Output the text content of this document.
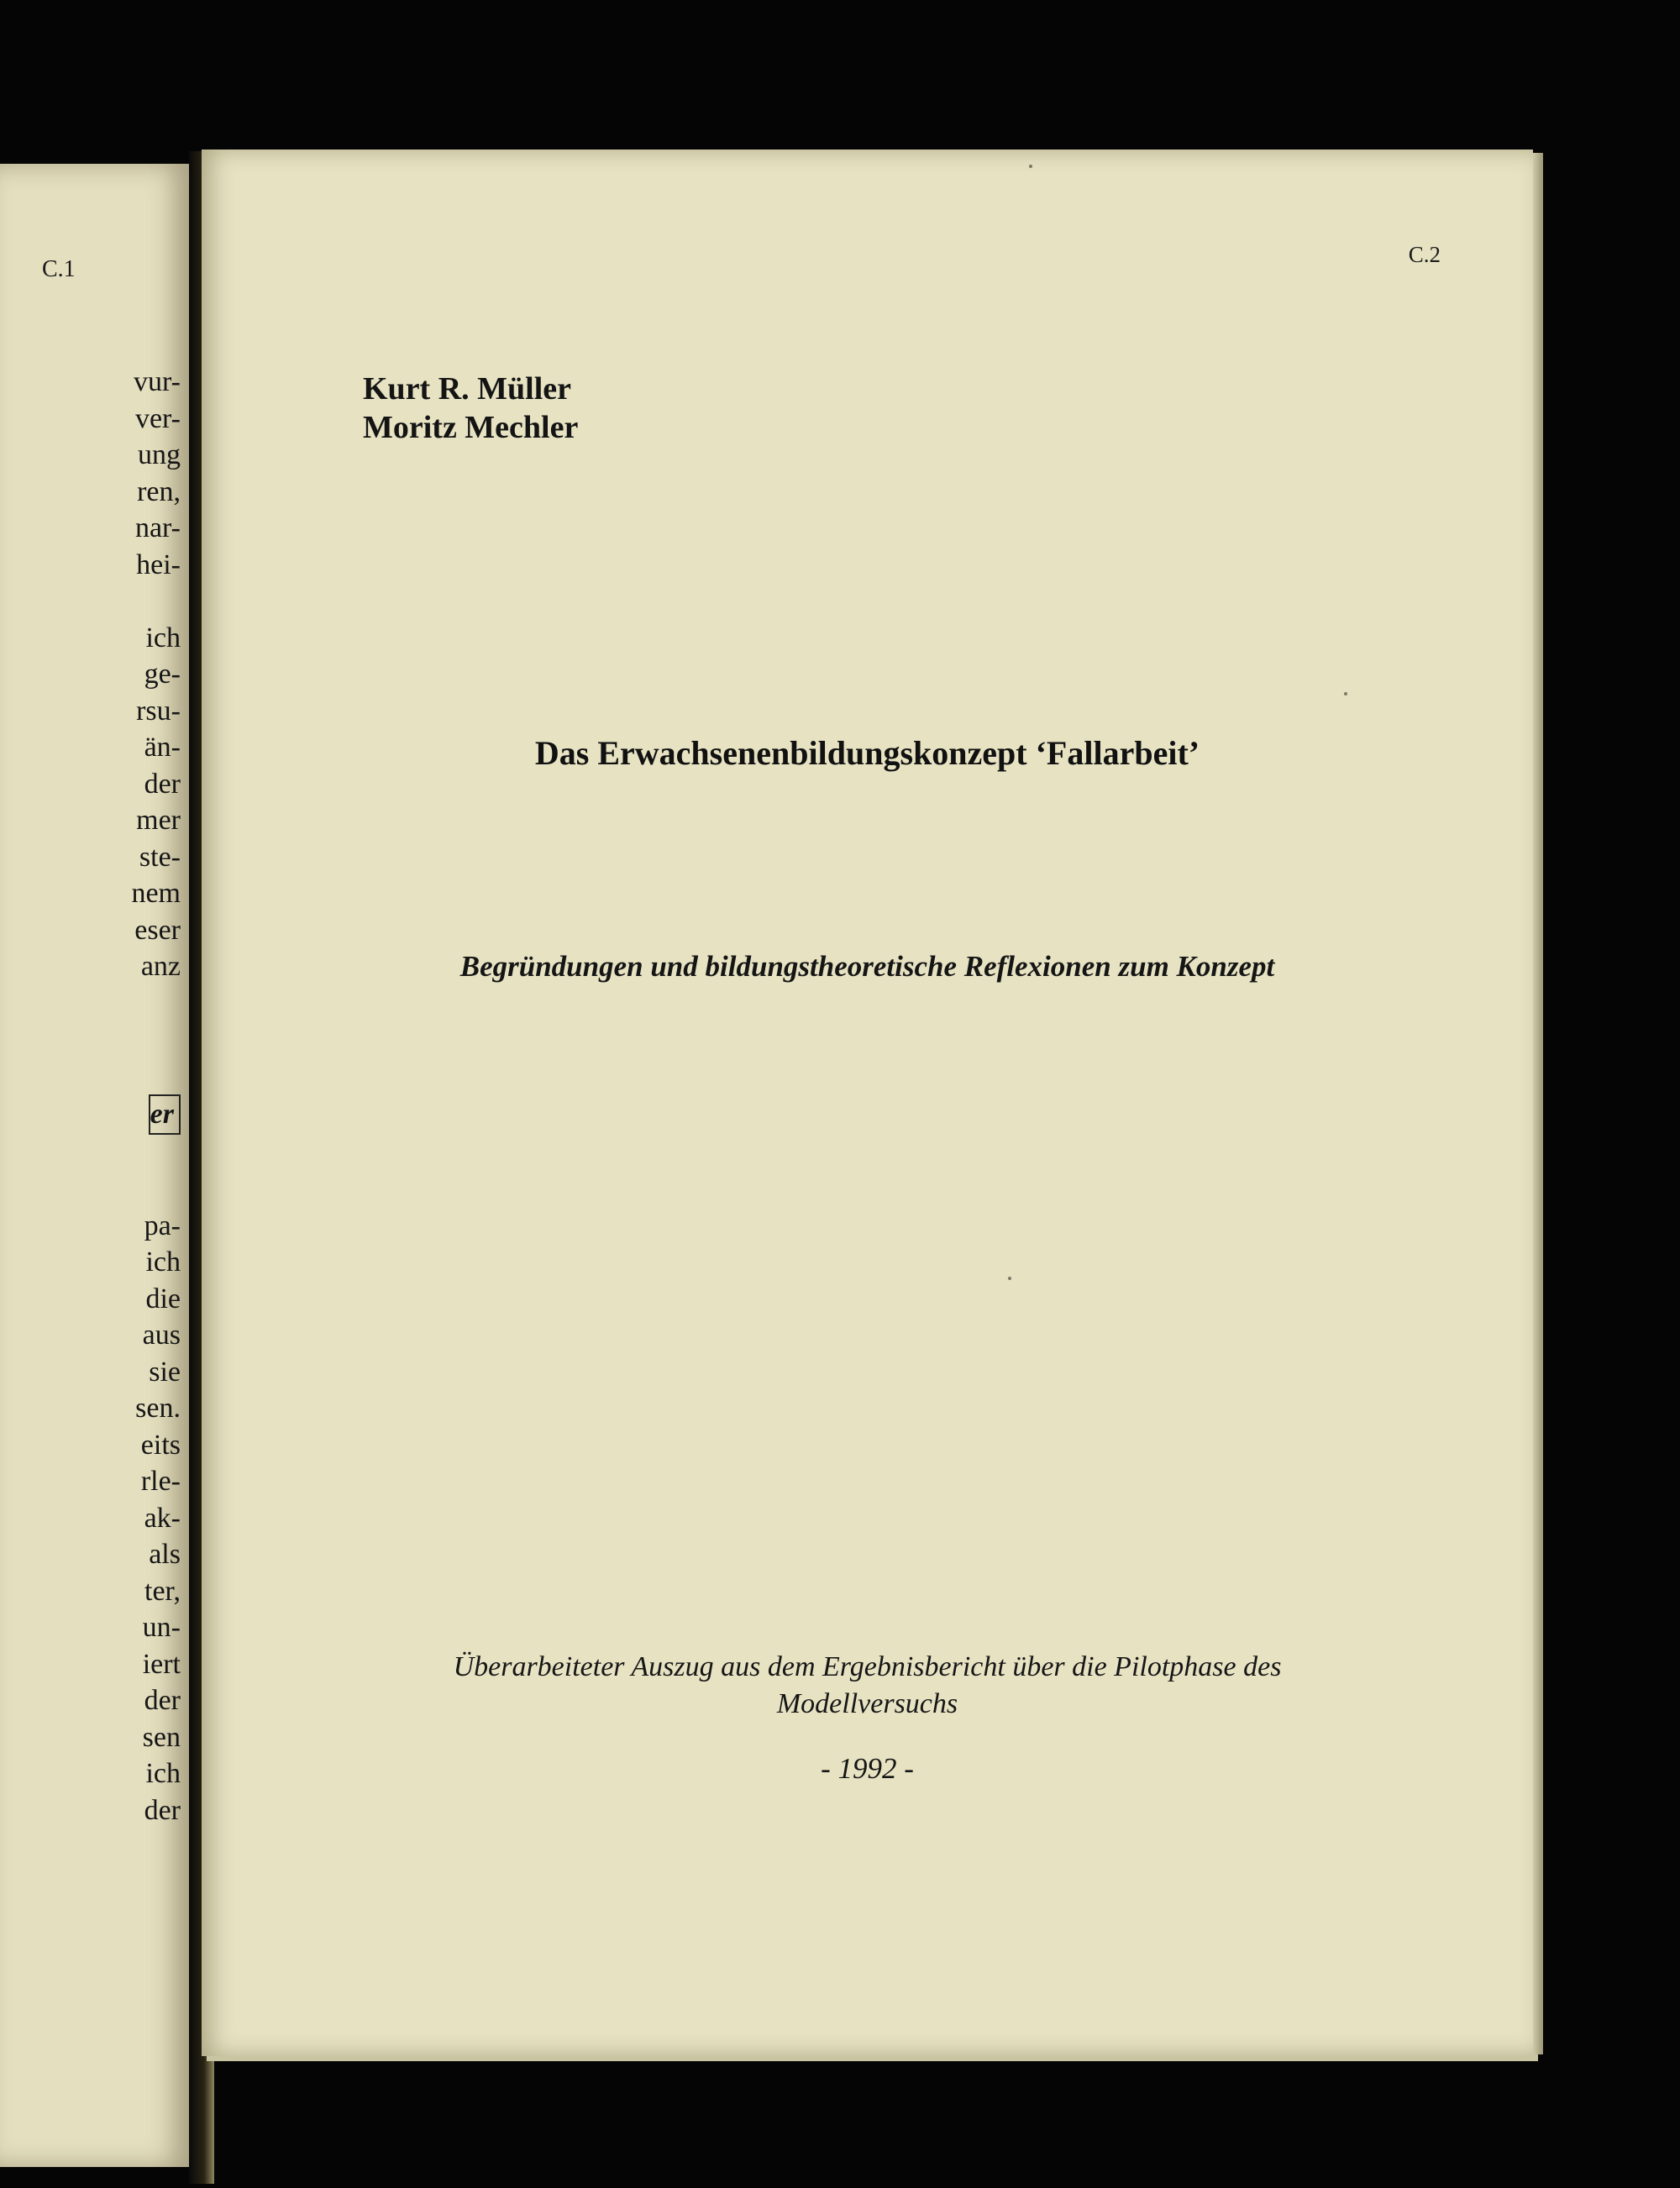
C.1
vur-
ver-
ung
ren,
nar-
hei-
ich
ge-
rsu-
än-
der
mer
ste-
nem
eser
anz
er
pa-
ich
die
aus
sie
sen.
eits
rle-
ak-
als
ter,
un-
iert
der
sen
ich
der
C.2
Kurt R. Müller
Moritz Mechler
Das Erwachsenenbildungskonzept ‘Fallarbeit’
Begründungen und bildungstheoretische Reflexionen zum Konzept
Überarbeiteter Auszug aus dem Ergebnisbericht über die Pilotphase des
Modellversuchs
- 1992 -
